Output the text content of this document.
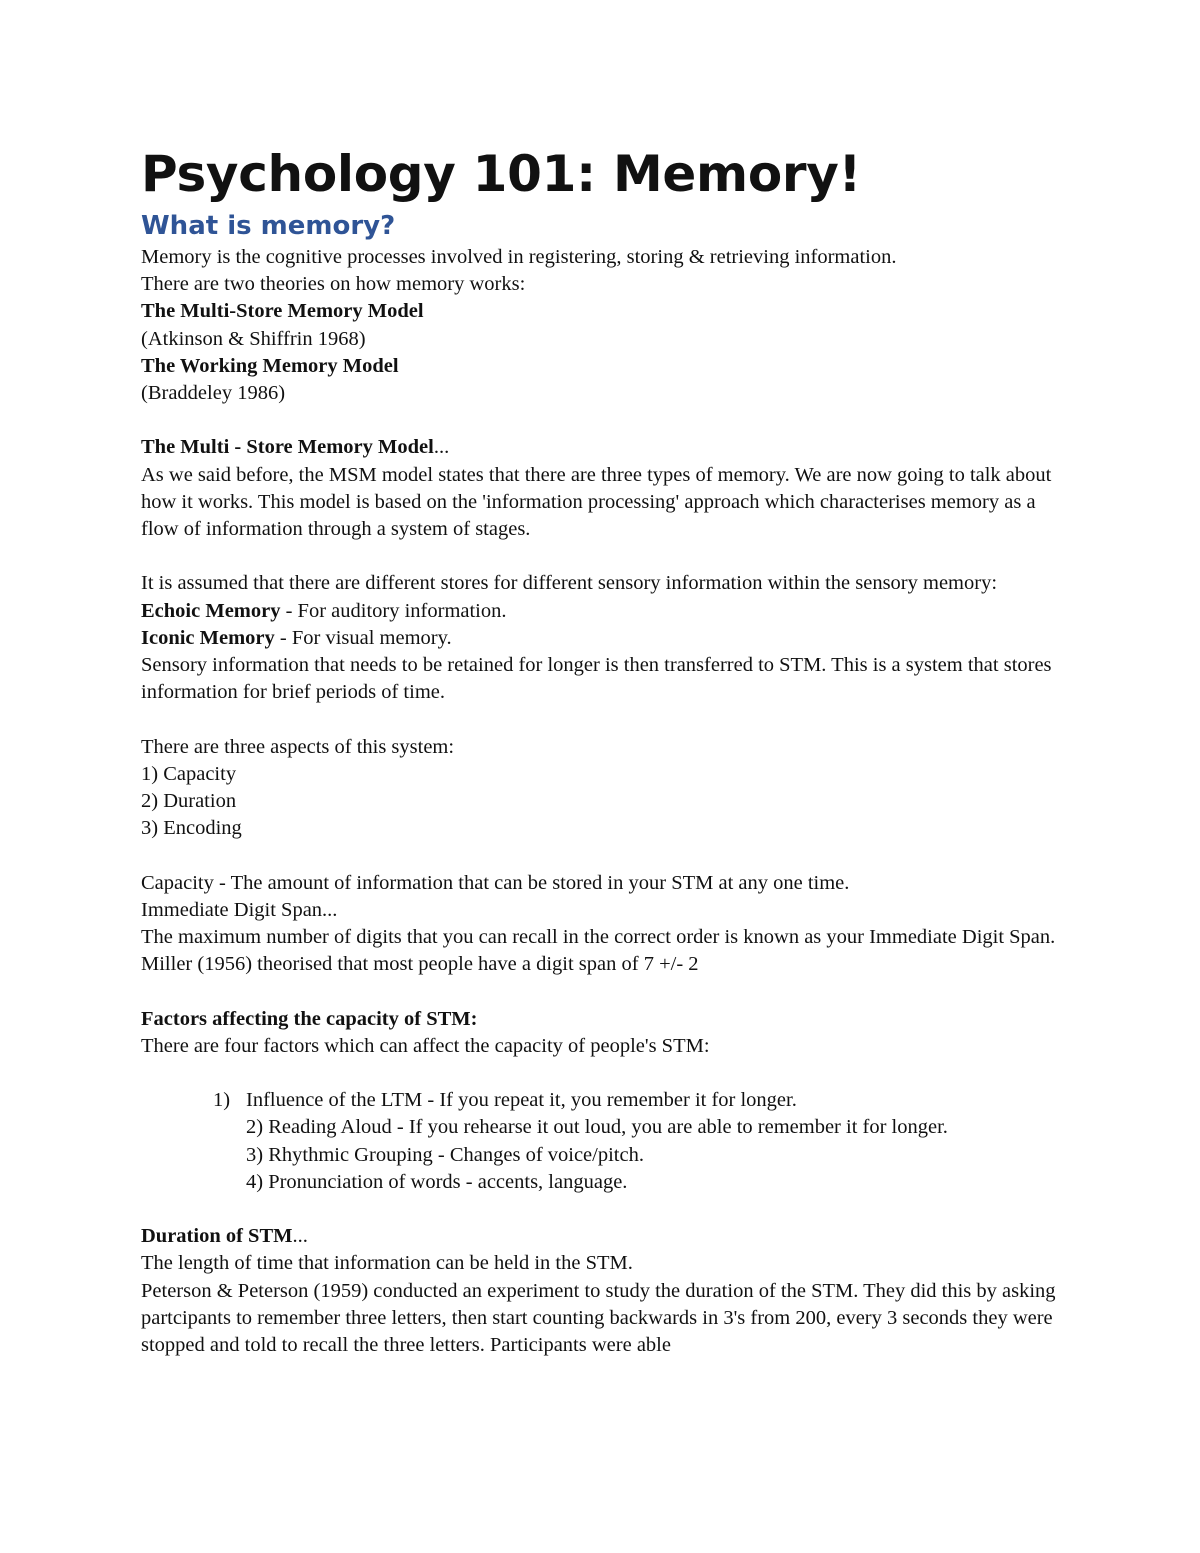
Psychology 101: Memory!
What is memory?

Memory is the cognitive processes involved in registering, storing & retrieving information.

There are two theories on how memory works:

The Multi-Store Memory Model

(Atkinson & Shiffrin 1968)

The Working Memory Model

(Braddeley 1986)

The Multi - Store Memory Model...

As we said before, the MSM model states that there are three types of memory. We are now going to talk about how it works. This model is based on the 'information processing' approach which characterises memory as a flow of information through a system of stages.

It is assumed that there are different stores for different sensory information within the sensory memory:

Echoic Memory - For auditory information.

Iconic Memory - For visual memory.

Sensory information that needs to be retained for longer is then transferred to STM. This is a system that stores information for brief periods of time.

There are three aspects of this system:

1) Capacity

2) Duration

3) Encoding

Capacity - The amount of information that can be stored in your STM at any one time.

Immediate Digit Span...

The maximum number of digits that you can recall in the correct order is known as your Immediate Digit Span.

Miller (1956) theorised that most people have a digit span of 7 +/- 2

Factors affecting the capacity of STM:

There are four factors which can affect the capacity of people's STM:

1) Influence of the LTM - If you repeat it, you remember it for longer.
2) Reading Aloud - If you rehearse it out loud, you are able to remember it for longer.
3) Rhythmic Grouping - Changes of voice/pitch.
4) Pronunciation of words - accents, language.

Duration of STM...

The length of time that information can be held in the STM.

Peterson & Peterson (1959) conducted an experiment to study the duration of the STM. They did this by asking partcipants to remember three letters, then start counting backwards in 3's from 200, every 3 seconds they were stopped and told to recall the three letters. Participants were able
